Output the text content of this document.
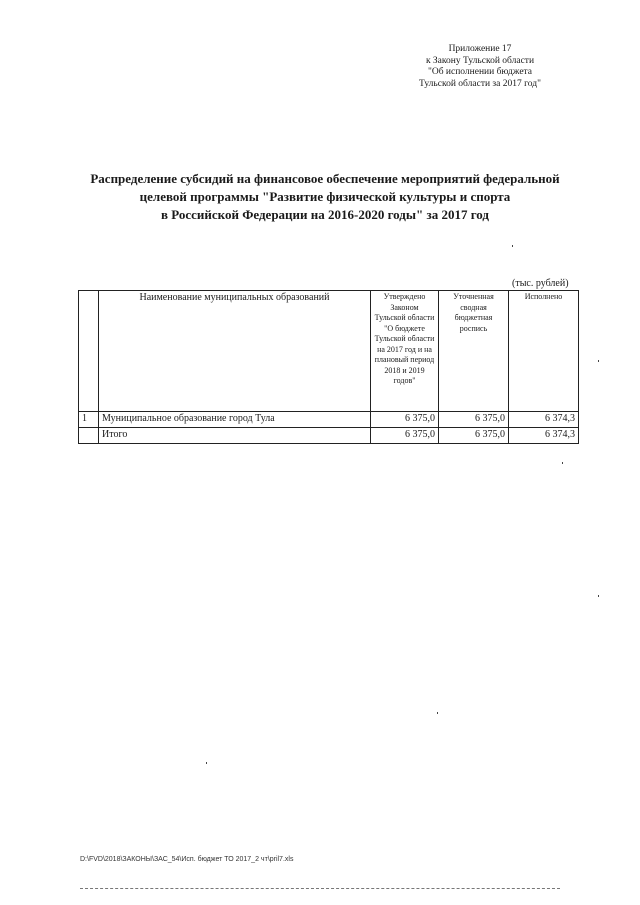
Приложение 17
к Закону Тульской области
"Об исполнении бюджета
Тульской области за 2017 год"
Распределение субсидий на финансовое обеспечение мероприятий федеральной
целевой программы "Развитие физической культуры и спорта
в Российской Федерации на 2016-2020 годы" за 2017 год
(тыс. рублей)
	Наименование муниципальных образований	Утверждено Законом Тульской области "О бюджете Тульской области на 2017 год и на плановый период 2018 и 2019 годов"	Уточненная сводная бюджетная роспись	Исполнено
1	Муниципальное образование город Тула	6 375,0	6 375,0	6 374,3
	Итого	6 375,0	6 375,0	6 374,3
D:\FVD\2018\ЗАКОНЫ\ЗАС_54\Исп. бюджет ТО 2017_2 чт\pril7.xls
